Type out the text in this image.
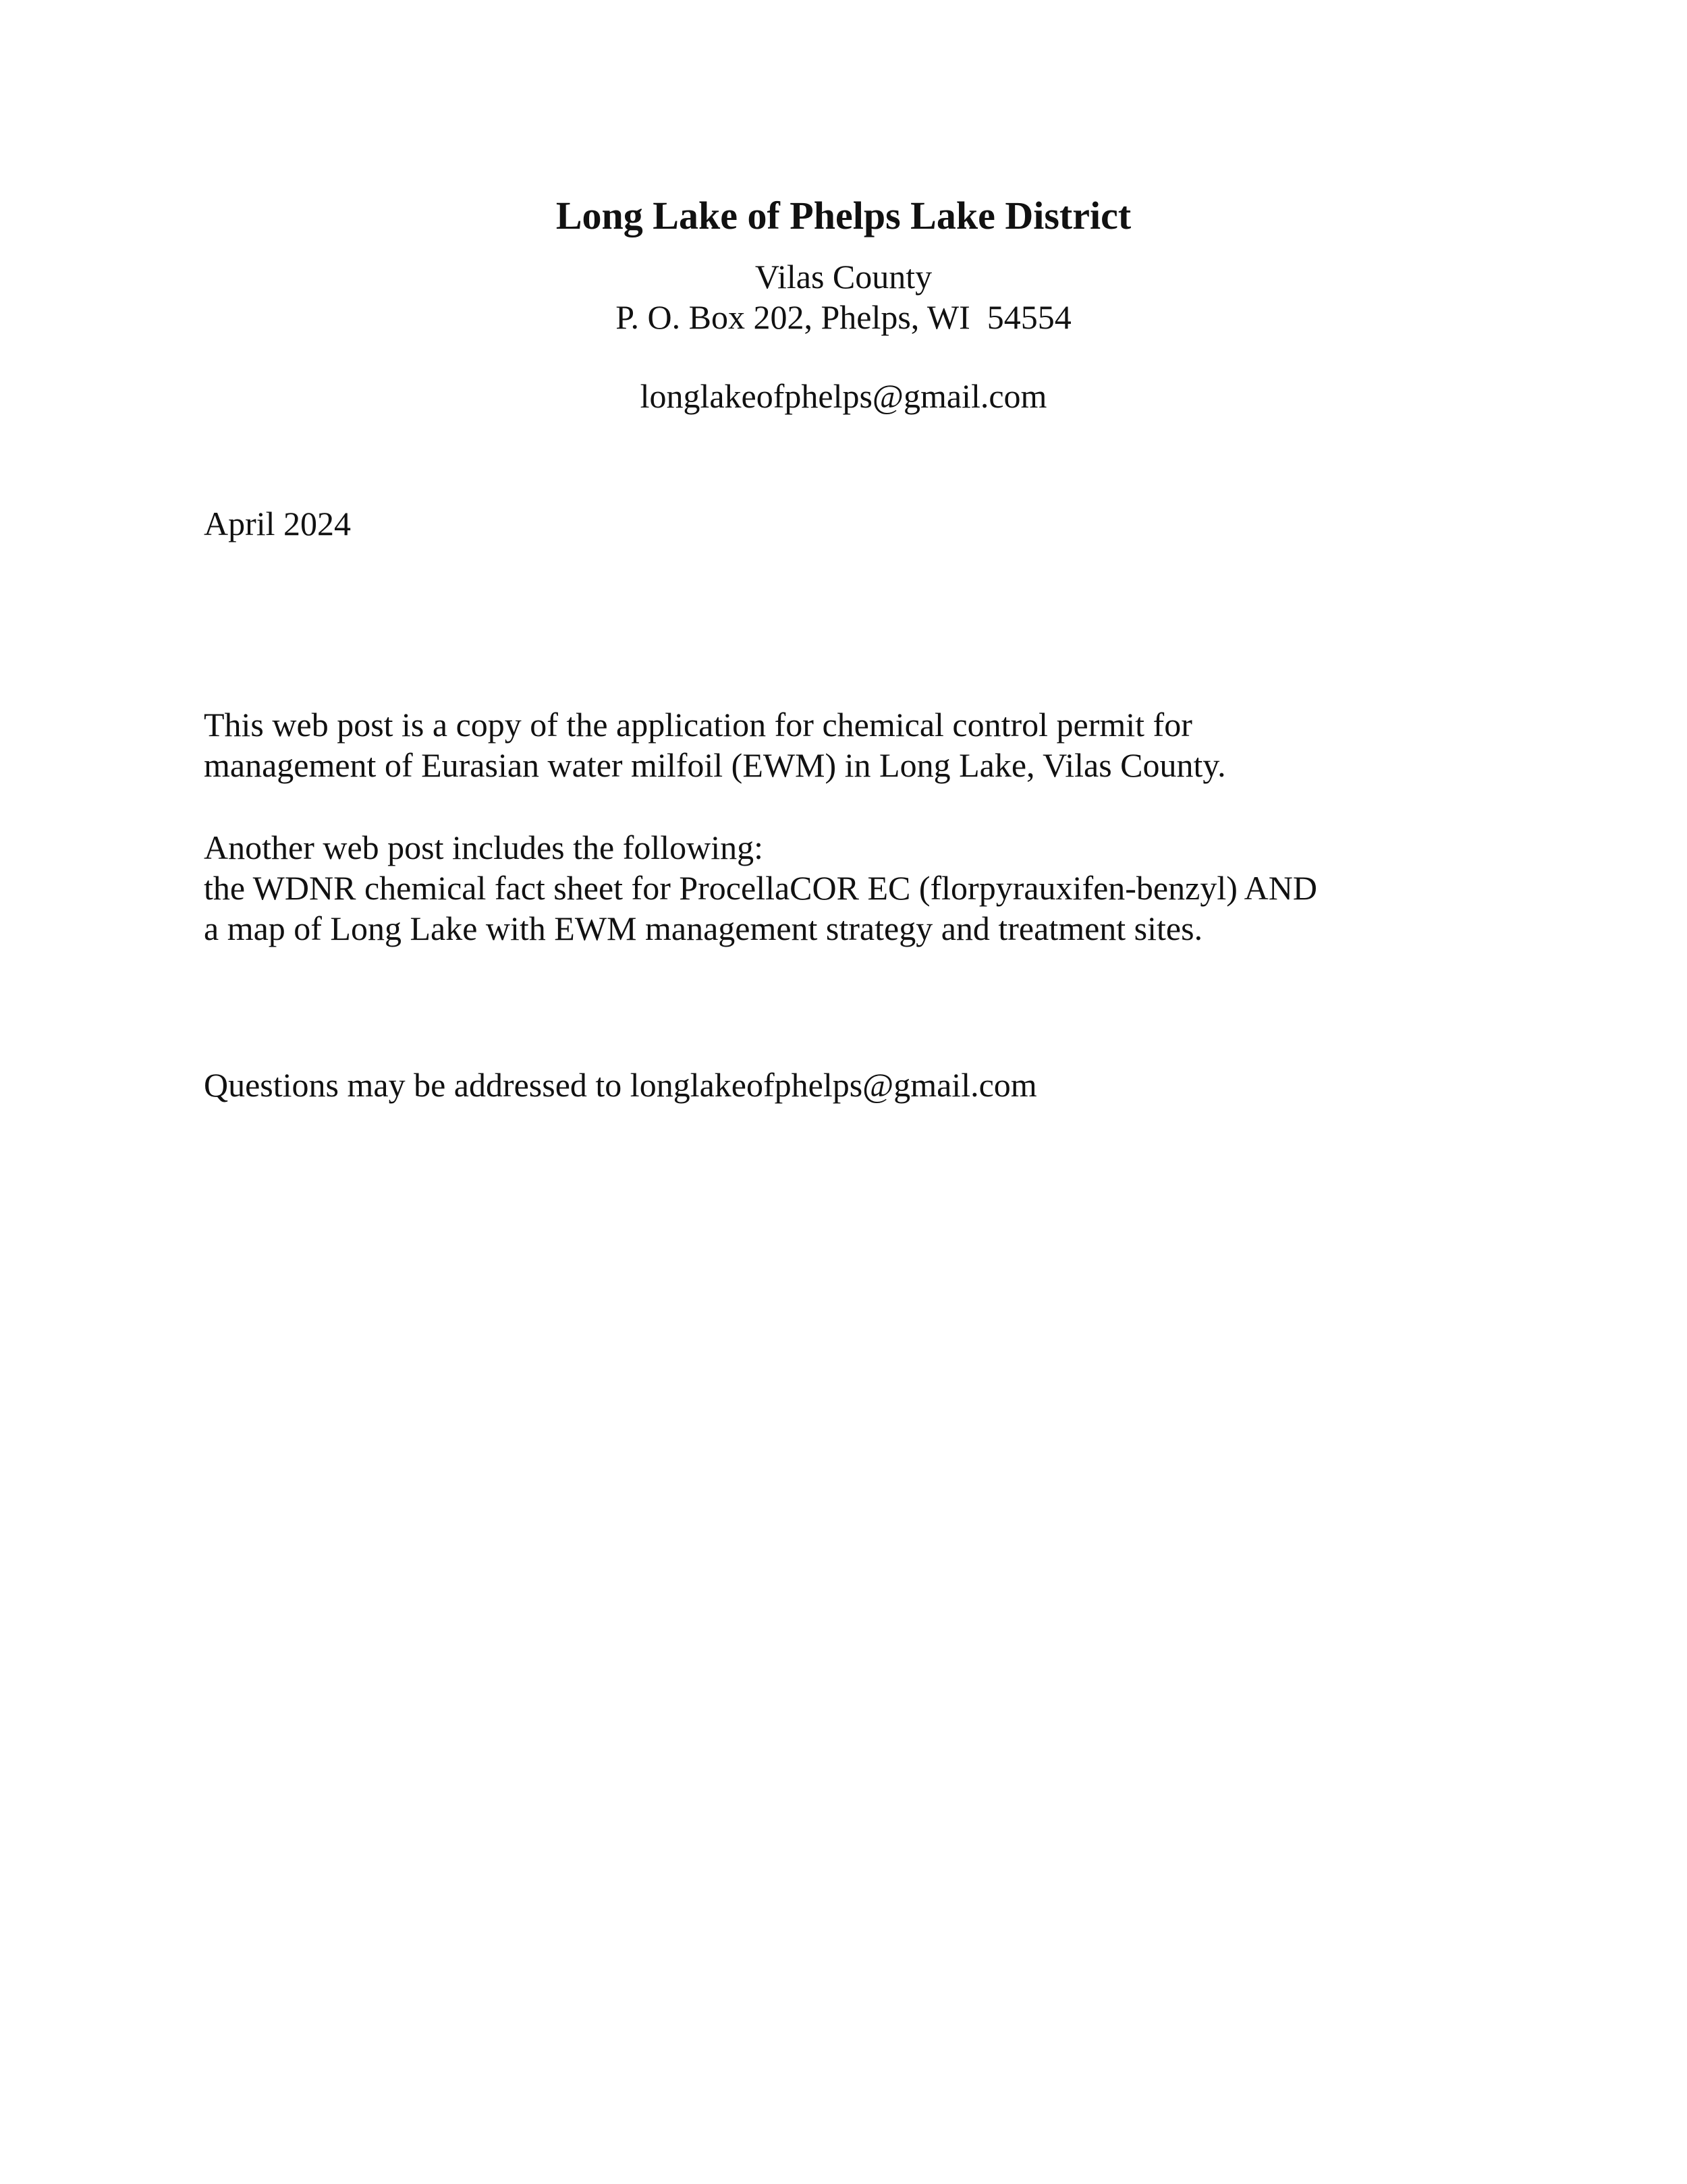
Long Lake of Phelps Lake District

Vilas County

P. O. Box 202, Phelps, WI  54554

longlakeofphelps@gmail.com

April 2024
This web post is a copy of the application for chemical control permit for
management of Eurasian water milfoil (EWM) in Long Lake, Vilas County.
Another web post includes the following:
the WDNR chemical fact sheet for ProcellaCOR EC (florpyrauxifen-benzyl) AND
a map of Long Lake with EWM management strategy and treatment sites.
Questions may be addressed to longlakeofphelps@gmail.com
